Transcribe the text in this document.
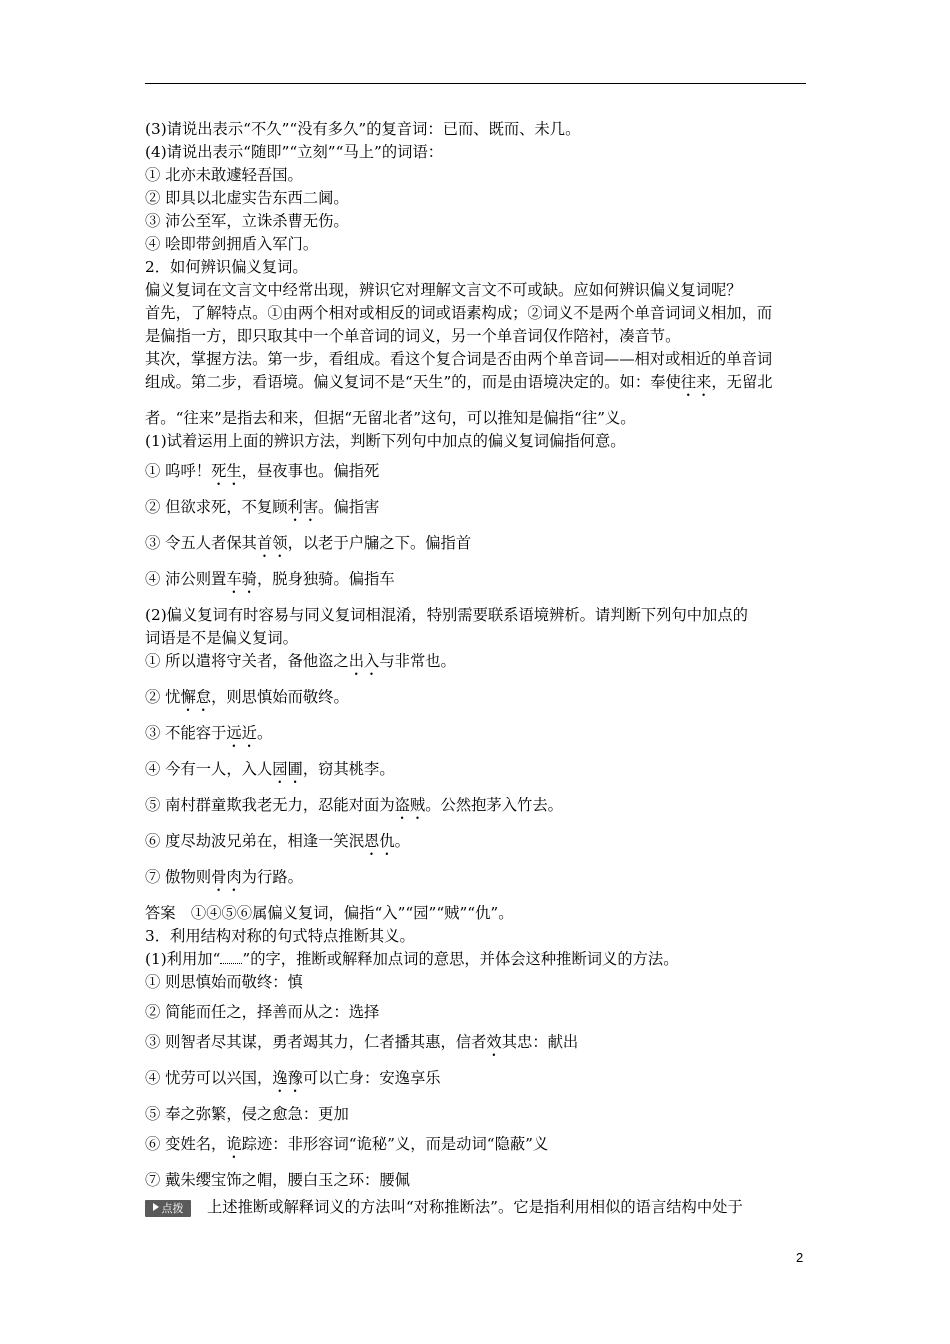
(3)请说出表示“不久”“没有多久”的复音词：已而、既而、未几。
(4)请说出表示“随即”“立刻”“马上”的词语：
① 北亦未敢遽轻吾国。
② 即具以北虚实告东西二阃。
③ 沛公至军，立诛杀曹无伤。
④ 哙即带剑拥盾入军门。
2．如何辨识偏义复词。
偏义复词在文言文中经常出现，辨识它对理解文言文不可或缺。应如何辨识偏义复词呢？
首先，了解特点。①由两个相对或相反的词或语素构成；②词义不是两个单音词词义相加，而
是偏指一方，即只取其中一个单音词的词义，另一个单音词仅作陪衬，凑音节。
其次，掌握方法。第一步，看组成。看这个复合词是否由两个单音词——相对或相近的单音词
组成。第二步，看语境。偏义复词不是“天生”的，而是由语境决定的。如：奉使往来，无留北
者。“往来”是指去和来，但据“无留北者”这句，可以推知是偏指“往”义。
(1)试着运用上面的辨识方法，判断下列句中加点的偏义复词偏指何意。
① 呜呼！死生，昼夜事也。偏指死
② 但欲求死，不复顾利害。偏指害
③ 令五人者保其首领，以老于户牖之下。偏指首
④ 沛公则置车骑，脱身独骑。偏指车
(2)偏义复词有时容易与同义复词相混淆，特别需要联系语境辨析。请判断下列句中加点的
词语是不是偏义复词。
① 所以遣将守关者，备他盗之出入与非常也。
② 忧懈怠，则思慎始而敬终。
③ 不能容于远近。
④ 今有一人，入人园圃，窃其桃李。
⑤ 南村群童欺我老无力，忍能对面为盗贼。公然抱茅入竹去。
⑥ 度尽劫波兄弟在，相逢一笑泯恩仇。
⑦ 傲物则骨肉为行路。
答案　①④⑤⑥属偏义复词，偏指“入”“园”“贼”“仇”。
3．利用结构对称的句式特点推断其义。
(1)利用加“ ”的字，推断或解释加点词的意思，并体会这种推断词义的方法。
① 则思慎始而敬终：慎
② 简能而任之，择善而从之：选择
③ 则智者尽其谋，勇者竭其力，仁者播其惠，信者效其忠：献出
④ 忧劳可以兴国，逸豫可以亡身：安逸享乐
⑤ 奉之弥繁，侵之愈急：更加
⑥ 变姓名，诡踪迹：非形容词“诡秘”义，而是动词“隐蔽”义
⑦ 戴朱缨宝饰之帽，腰白玉之环：腰佩
点拨 上述推断或解释词义的方法叫“对称推断法”。它是指利用相似的语言结构中处于
2
